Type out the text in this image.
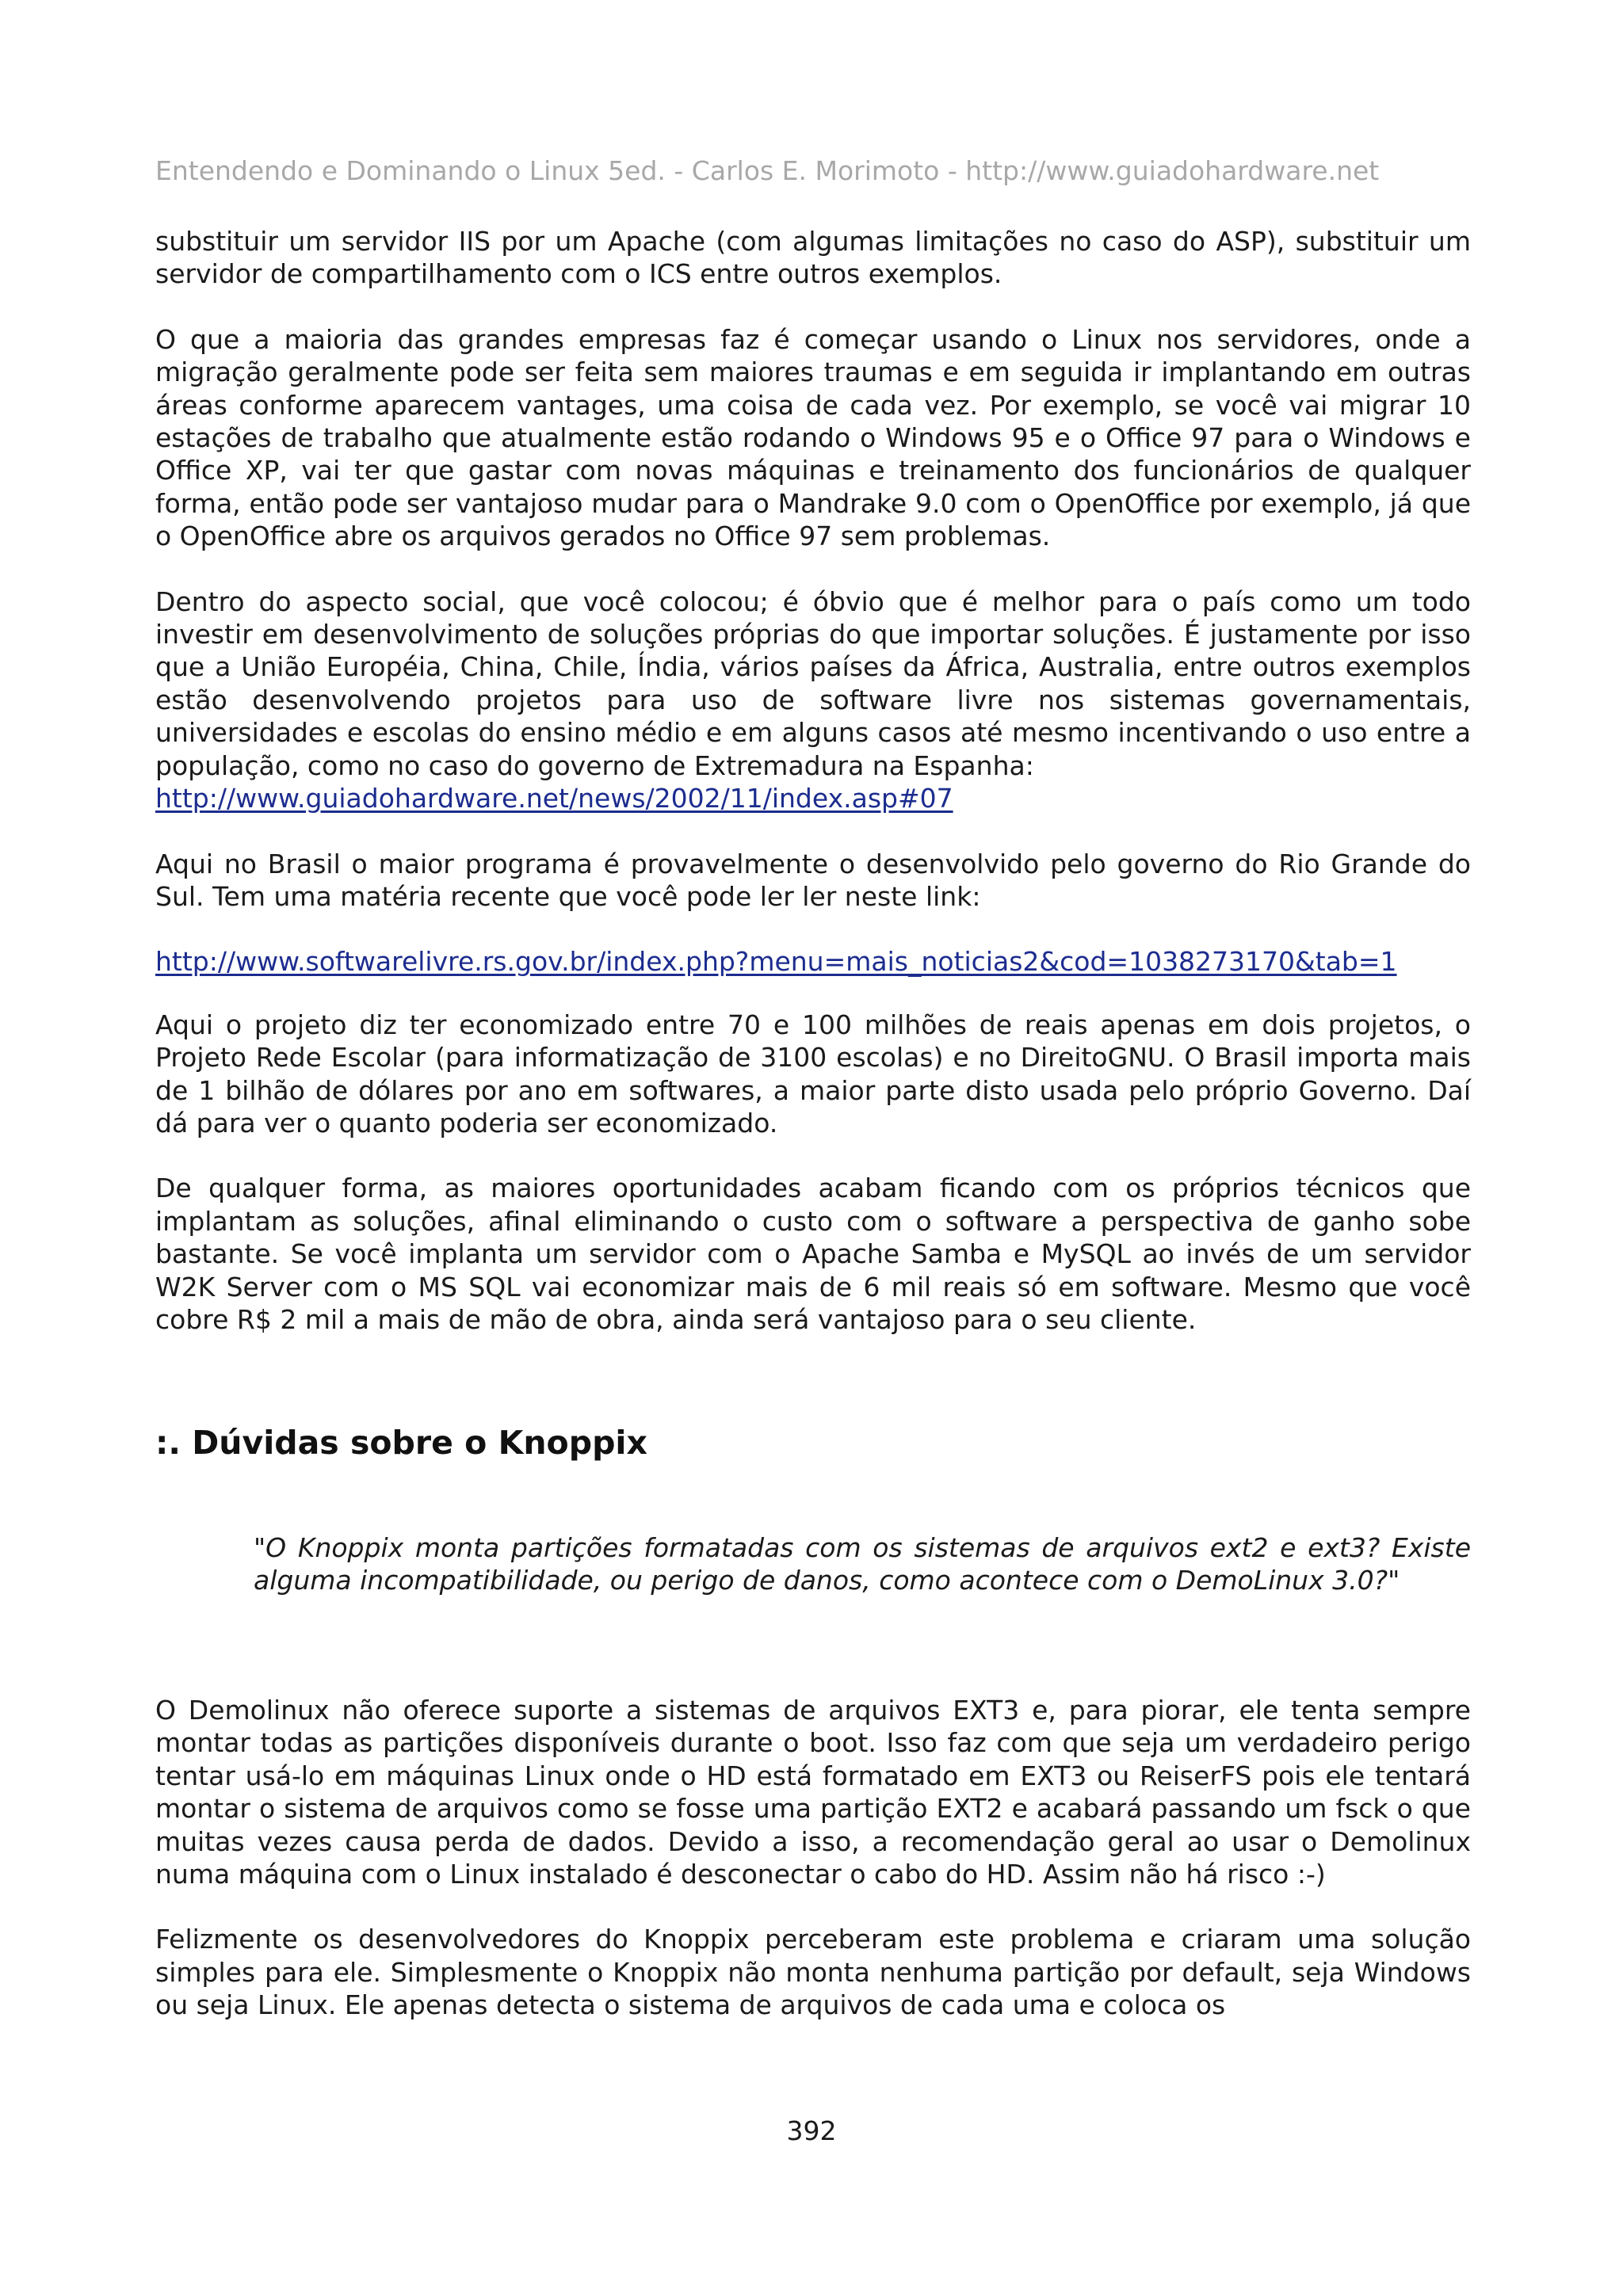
Entendendo e Dominando o Linux 5ed. - Carlos E. Morimoto - http://www.guiadohardware.net

substituir um servidor IIS por um Apache (com algumas limitações no caso do ASP), substituir um servidor de compartilhamento com o ICS entre outros exemplos.

O que a maioria das grandes empresas faz é começar usando o Linux nos servidores, onde a migração geralmente pode ser feita sem maiores traumas e em seguida ir implantando em outras áreas conforme aparecem vantages, uma coisa de cada vez. Por exemplo, se você vai migrar 10 estações de trabalho que atualmente estão rodando o Windows 95 e o Office 97 para o Windows e Office XP, vai ter que gastar com novas máquinas e treinamento dos funcionários de qualquer forma, então pode ser vantajoso mudar para o Mandrake 9.0 com o OpenOffice por exemplo, já que o OpenOffice abre os arquivos gerados no Office 97 sem problemas.

Dentro do aspecto social, que você colocou; é óbvio que é melhor para o país como um todo investir em desenvolvimento de soluções próprias do que importar soluções. É justamente por isso que a União Européia, China, Chile, Índia, vários países da África, Australia, entre outros exemplos estão desenvolvendo projetos para uso de software livre nos sistemas governamentais, universidades e escolas do ensino médio e em alguns casos até mesmo incentivando o uso entre a população, como no caso do governo de Extremadura na Espanha:
http://www.guiadohardware.net/news/2002/11/index.asp#07

Aqui no Brasil o maior programa é provavelmente o desenvolvido pelo governo do Rio Grande do Sul. Tem uma matéria recente que você pode ler ler neste link:

http://www.softwarelivre.rs.gov.br/index.php?menu=mais_noticias2&cod=1038273170&tab=1

Aqui o projeto diz ter economizado entre 70 e 100 milhões de reais apenas em dois projetos, o Projeto Rede Escolar (para informatização de 3100 escolas) e no DireitoGNU. O Brasil importa mais de 1 bilhão de dólares por ano em softwares, a maior parte disto usada pelo próprio Governo. Daí dá para ver o quanto poderia ser economizado.

De qualquer forma, as maiores oportunidades acabam ficando com os próprios técnicos que implantam as soluções, afinal eliminando o custo com o software a perspectiva de ganho sobe bastante. Se você implanta um servidor com o Apache Samba e MySQL ao invés de um servidor W2K Server com o MS SQL vai economizar mais de 6 mil reais só em software. Mesmo que você cobre R$ 2 mil a mais de mão de obra, ainda será vantajoso para o seu cliente.

:. Dúvidas sobre o Knoppix

"O Knoppix monta partições formatadas com os sistemas de arquivos ext2 e ext3? Existe alguma incompatibilidade, ou perigo de danos, como acontece com o DemoLinux 3.0?"

O Demolinux não oferece suporte a sistemas de arquivos EXT3 e, para piorar, ele tenta sempre montar todas as partições disponíveis durante o boot. Isso faz com que seja um verdadeiro perigo tentar usá-lo em máquinas Linux onde o HD está formatado em EXT3 ou ReiserFS pois ele tentará montar o sistema de arquivos como se fosse uma partição EXT2 e acabará passando um fsck o que muitas vezes causa perda de dados. Devido a isso, a recomendação geral ao usar o Demolinux numa máquina com o Linux instalado é desconectar o cabo do HD. Assim não há risco :-)

Felizmente os desenvolvedores do Knoppix perceberam este problema e criaram uma solução simples para ele. Simplesmente o Knoppix não monta nenhuma partição por default, seja Windows ou seja Linux. Ele apenas detecta o sistema de arquivos de cada uma e coloca os

392
